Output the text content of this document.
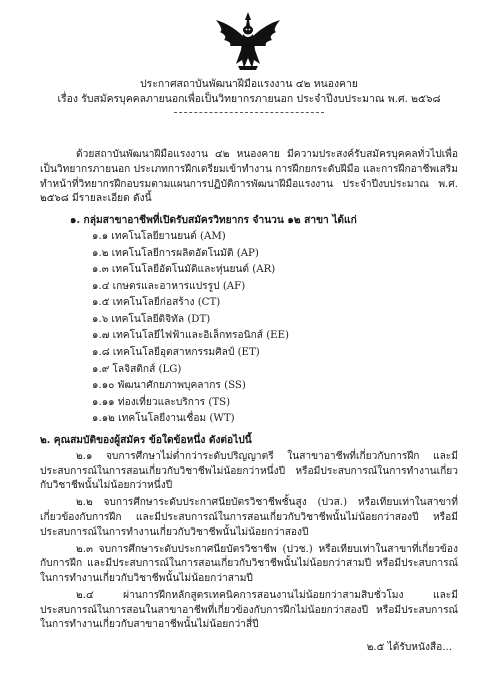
ประกาศสถาบันพัฒนาฝีมือแรงงาน ๔๒ หนองคาย
เรื่อง รับสมัครบุคคลภายนอกเพื่อเป็นวิทยากรภายนอก ประจำปีงบประมาณ พ.ศ. ๒๕๖๘

ด้วยสถาบันพัฒนาฝีมือแรงงาน ๔๒ หนองคาย มีความประสงค์รับสมัครบุคคลทั่วไปเพื่อเป็นวิทยากรภายนอก ประเภทการฝึกเตรียมเข้าทำงาน การฝึกยกระดับฝีมือ และการฝึกอาชีพเสริม ทำหน้าที่วิทยากรฝึกอบรมตามแผนการปฏิบัติการพัฒนาฝีมือแรงงาน ประจำปีงบประมาณ พ.ศ. ๒๕๖๘ มีรายละเอียด ดังนี้

๑. กลุ่มสาขาอาชีพที่เปิดรับสมัครวิทยากร จำนวน ๑๒ สาขา ได้แก่
๑.๑ เทคโนโลยียานยนต์ (AM)
๑.๒ เทคโนโลยีการผลิตอัตโนมัติ (AP)
๑.๓ เทคโนโลยีอัตโนมัติและหุ่นยนต์ (AR)
๑.๔ เกษตรและอาหารแปรรูป (AF)
๑.๕ เทคโนโลยีก่อสร้าง (CT)
๑.๖ เทคโนโลยีดิจิทัล (DT)
๑.๗ เทคโนโลยีไฟฟ้าและอิเล็กทรอนิกส์ (EE)
๑.๘ เทคโนโลยีอุตสาหกรรมศิลป์ (ET)
๑.๙ โลจิสติกส์ (LG)
๑.๑๐ พัฒนาศักยภาพบุคลากร (SS)
๑.๑๑ ท่องเที่ยวและบริการ (TS)
๑.๑๒ เทคโนโลยีงานเชื่อม (WT)
๒. คุณสมบัติของผู้สมัคร ข้อใดข้อหนึ่ง ดังต่อไปนี้

๒.๑ จบการศึกษาไม่ต่ำกว่าระดับปริญญาตรี ในสาขาอาชีพที่เกี่ยวกับการฝึก และมีประสบการณ์ในการสอนเกี่ยวกับวิชาชีพไม่น้อยกว่าหนึ่งปี หรือมีประสบการณ์ในการทำงานเกี่ยวกับวิชาชีพนั้นไม่น้อยกว่าหนึ่งปี

๒.๒ จบการศึกษาระดับประกาศนียบัตรวิชาชีพชั้นสูง (ปวส.) หรือเทียบเท่าในสาขาที่เกี่ยวข้องกับการฝึก และมีประสบการณ์ในการสอนเกี่ยวกับวิชาชีพนั้นไม่น้อยกว่าสองปี หรือมีประสบการณ์ในการทำงานเกี่ยวกับวิชาชีพนั้นไม่น้อยกว่าสองปี

๒.๓ จบการศึกษาระดับประกาศนียบัตรวิชาชีพ (ปวช.) หรือเทียบเท่าในสาขาที่เกี่ยวข้องกับการฝึก และมีประสบการณ์ในการสอนเกี่ยวกับวิชาชีพนั้นไม่น้อยกว่าสามปี หรือมีประสบการณ์ในการทำงานเกี่ยวกับวิชาชีพนั้นไม่น้อยกว่าสามปี

๒.๔ ผ่านการฝึกหลักสูตรเทคนิคการสอนงานไม่น้อยกว่าสามสิบชั่วโมง และมีประสบการณ์ในการสอนในสาขาอาชีพที่เกี่ยวข้องกับการฝึกไม่น้อยกว่าสองปี หรือมีประสบการณ์ในการทำงานเกี่ยวกับสาขาอาชีพนั้นไม่น้อยกว่าสี่ปี

๒.๕ ได้รับหนังสือ...
